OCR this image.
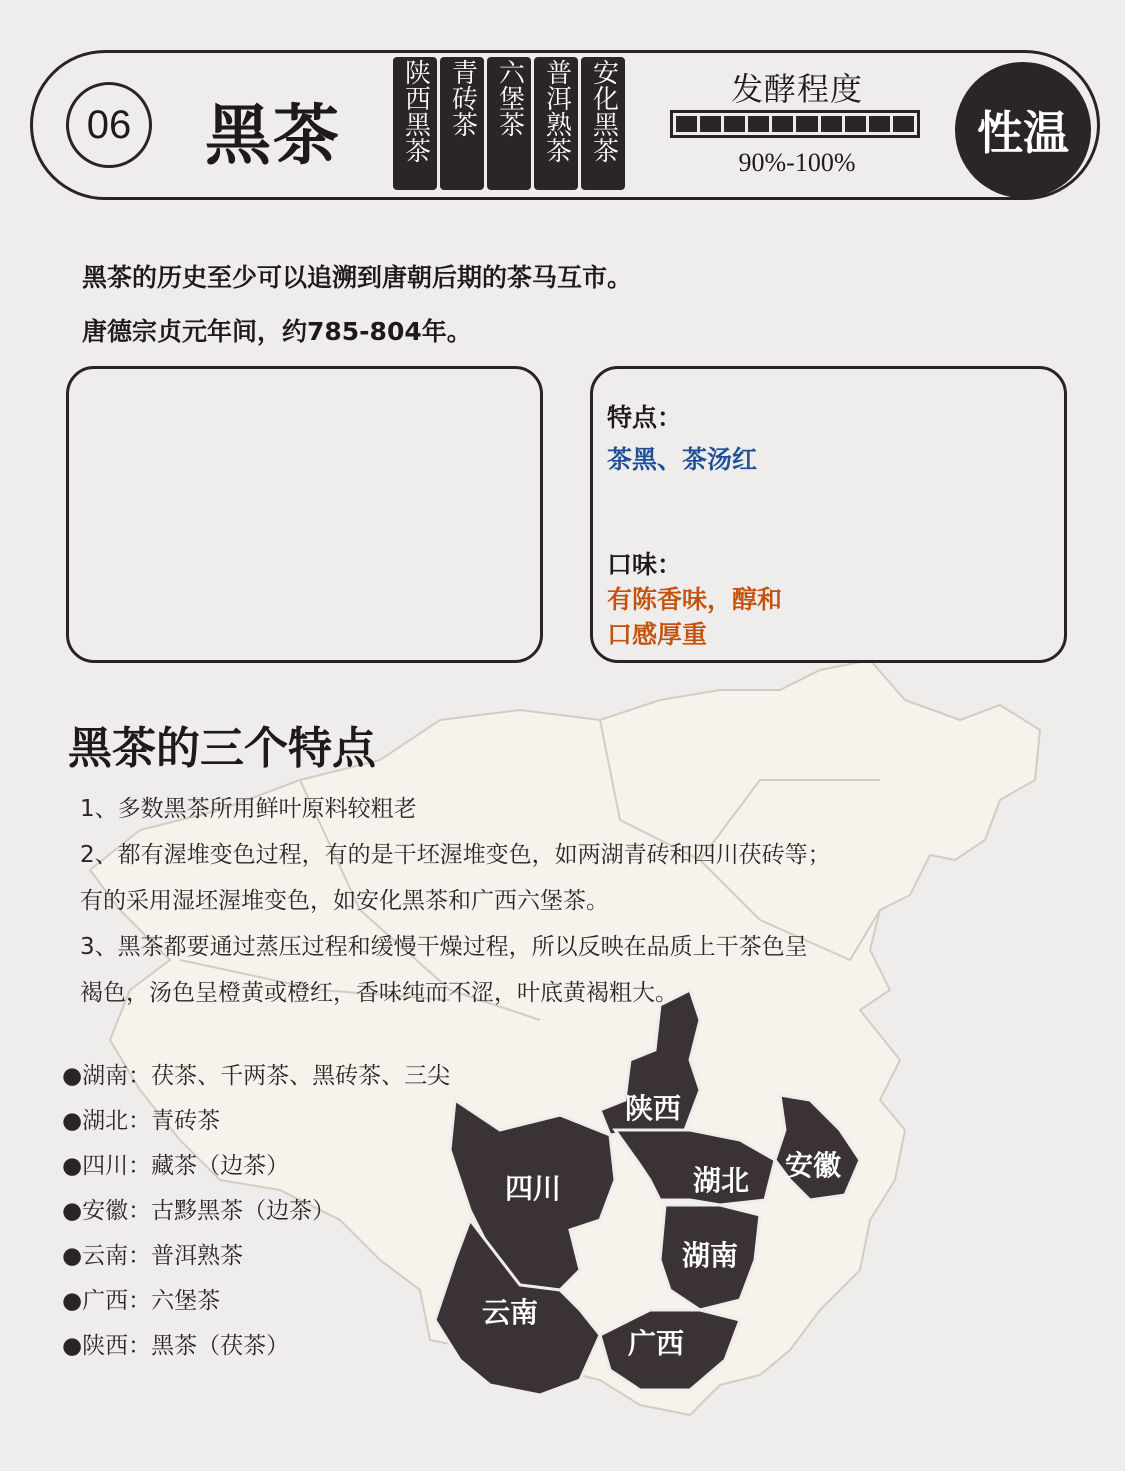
陕西
四川	湖北 安徽
湖南
云南
广西
06	黑茶 陕西黑茶 青砖茶 六堡茶 普洱熟茶 安化黑茶	发酵程度
90%-100%
性温
黑茶的历史至少可以追溯到唐朝后期的茶马互市。
唐德宗贞元年间，约785-804年。
特点：
茶黑、茶汤红
口味：
有陈香味，醇和
口感厚重
黑茶的三个特点
1、多数黑茶所用鲜叶原料较粗老
2、都有渥堆变色过程，有的是干坯渥堆变色，如两湖青砖和四川茯砖等；
有的采用湿坯渥堆变色，如安化黑茶和广西六堡茶。
3、黑茶都要通过蒸压过程和缓慢干燥过程，所以反映在品质上干茶色呈
褐色，汤色呈橙黄或橙红，香味纯而不涩，叶底黄褐粗大。
●湖南：茯茶、千两茶、黑砖茶、三尖
●湖北：青砖茶
●四川：藏茶（边茶）
●安徽：古黟黑茶（边茶）
●云南：普洱熟茶
●广西：六堡茶
●陕西：黑茶（茯茶）
